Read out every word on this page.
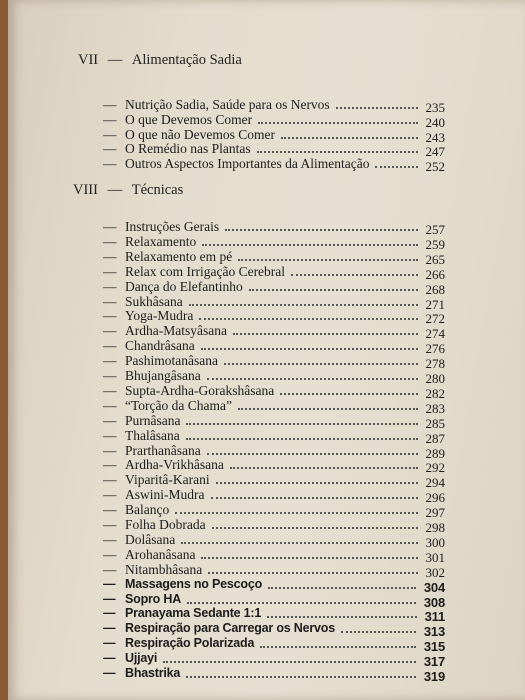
VII — Alimentação Sadia
— Nutrição Sadia, Saúde para os Nervos	235
— O que Devemos Comer	240
— O que não Devemos Comer	243
— O Remédio nas Plantas	247
— Outros Aspectos Importantes da Alimentação	252
VIII — Técnicas
— Instruções Gerais	257
— Relaxamento	259
— Relaxamento em pé	265
— Relax com Irrigação Cerebral	266
— Dança do Elefantinho	268
— Sukhâsana	271
— Yoga-Mudra	272
— Ardha-Matsyâsana	274
— Chandrâsana	276
— Pashimotanâsana	278
— Bhujangâsana	280
— Supta-Ardha-Gorakshâsana	282
— “Torção da Chama”	283
— Purnâsana	285
— Thalâsana	287
— Prarthanâsana	289
— Ardha-Vrikhâsana	292
— Viparitâ-Karani	294
— Aswini-Mudra	296
— Balanço	297
— Folha Dobrada	298
— Dolâsana	300
— Arohanâsana	301
— Nitambhâsana	302
— Massagens no Pescoço	304
— Sopro HA	308
— Pranayama Sedante 1:1	311
— Respiração para Carregar os Nervos	313
— Respiração Polarizada	315
— Ujjayi	317
— Bhastrika	319
